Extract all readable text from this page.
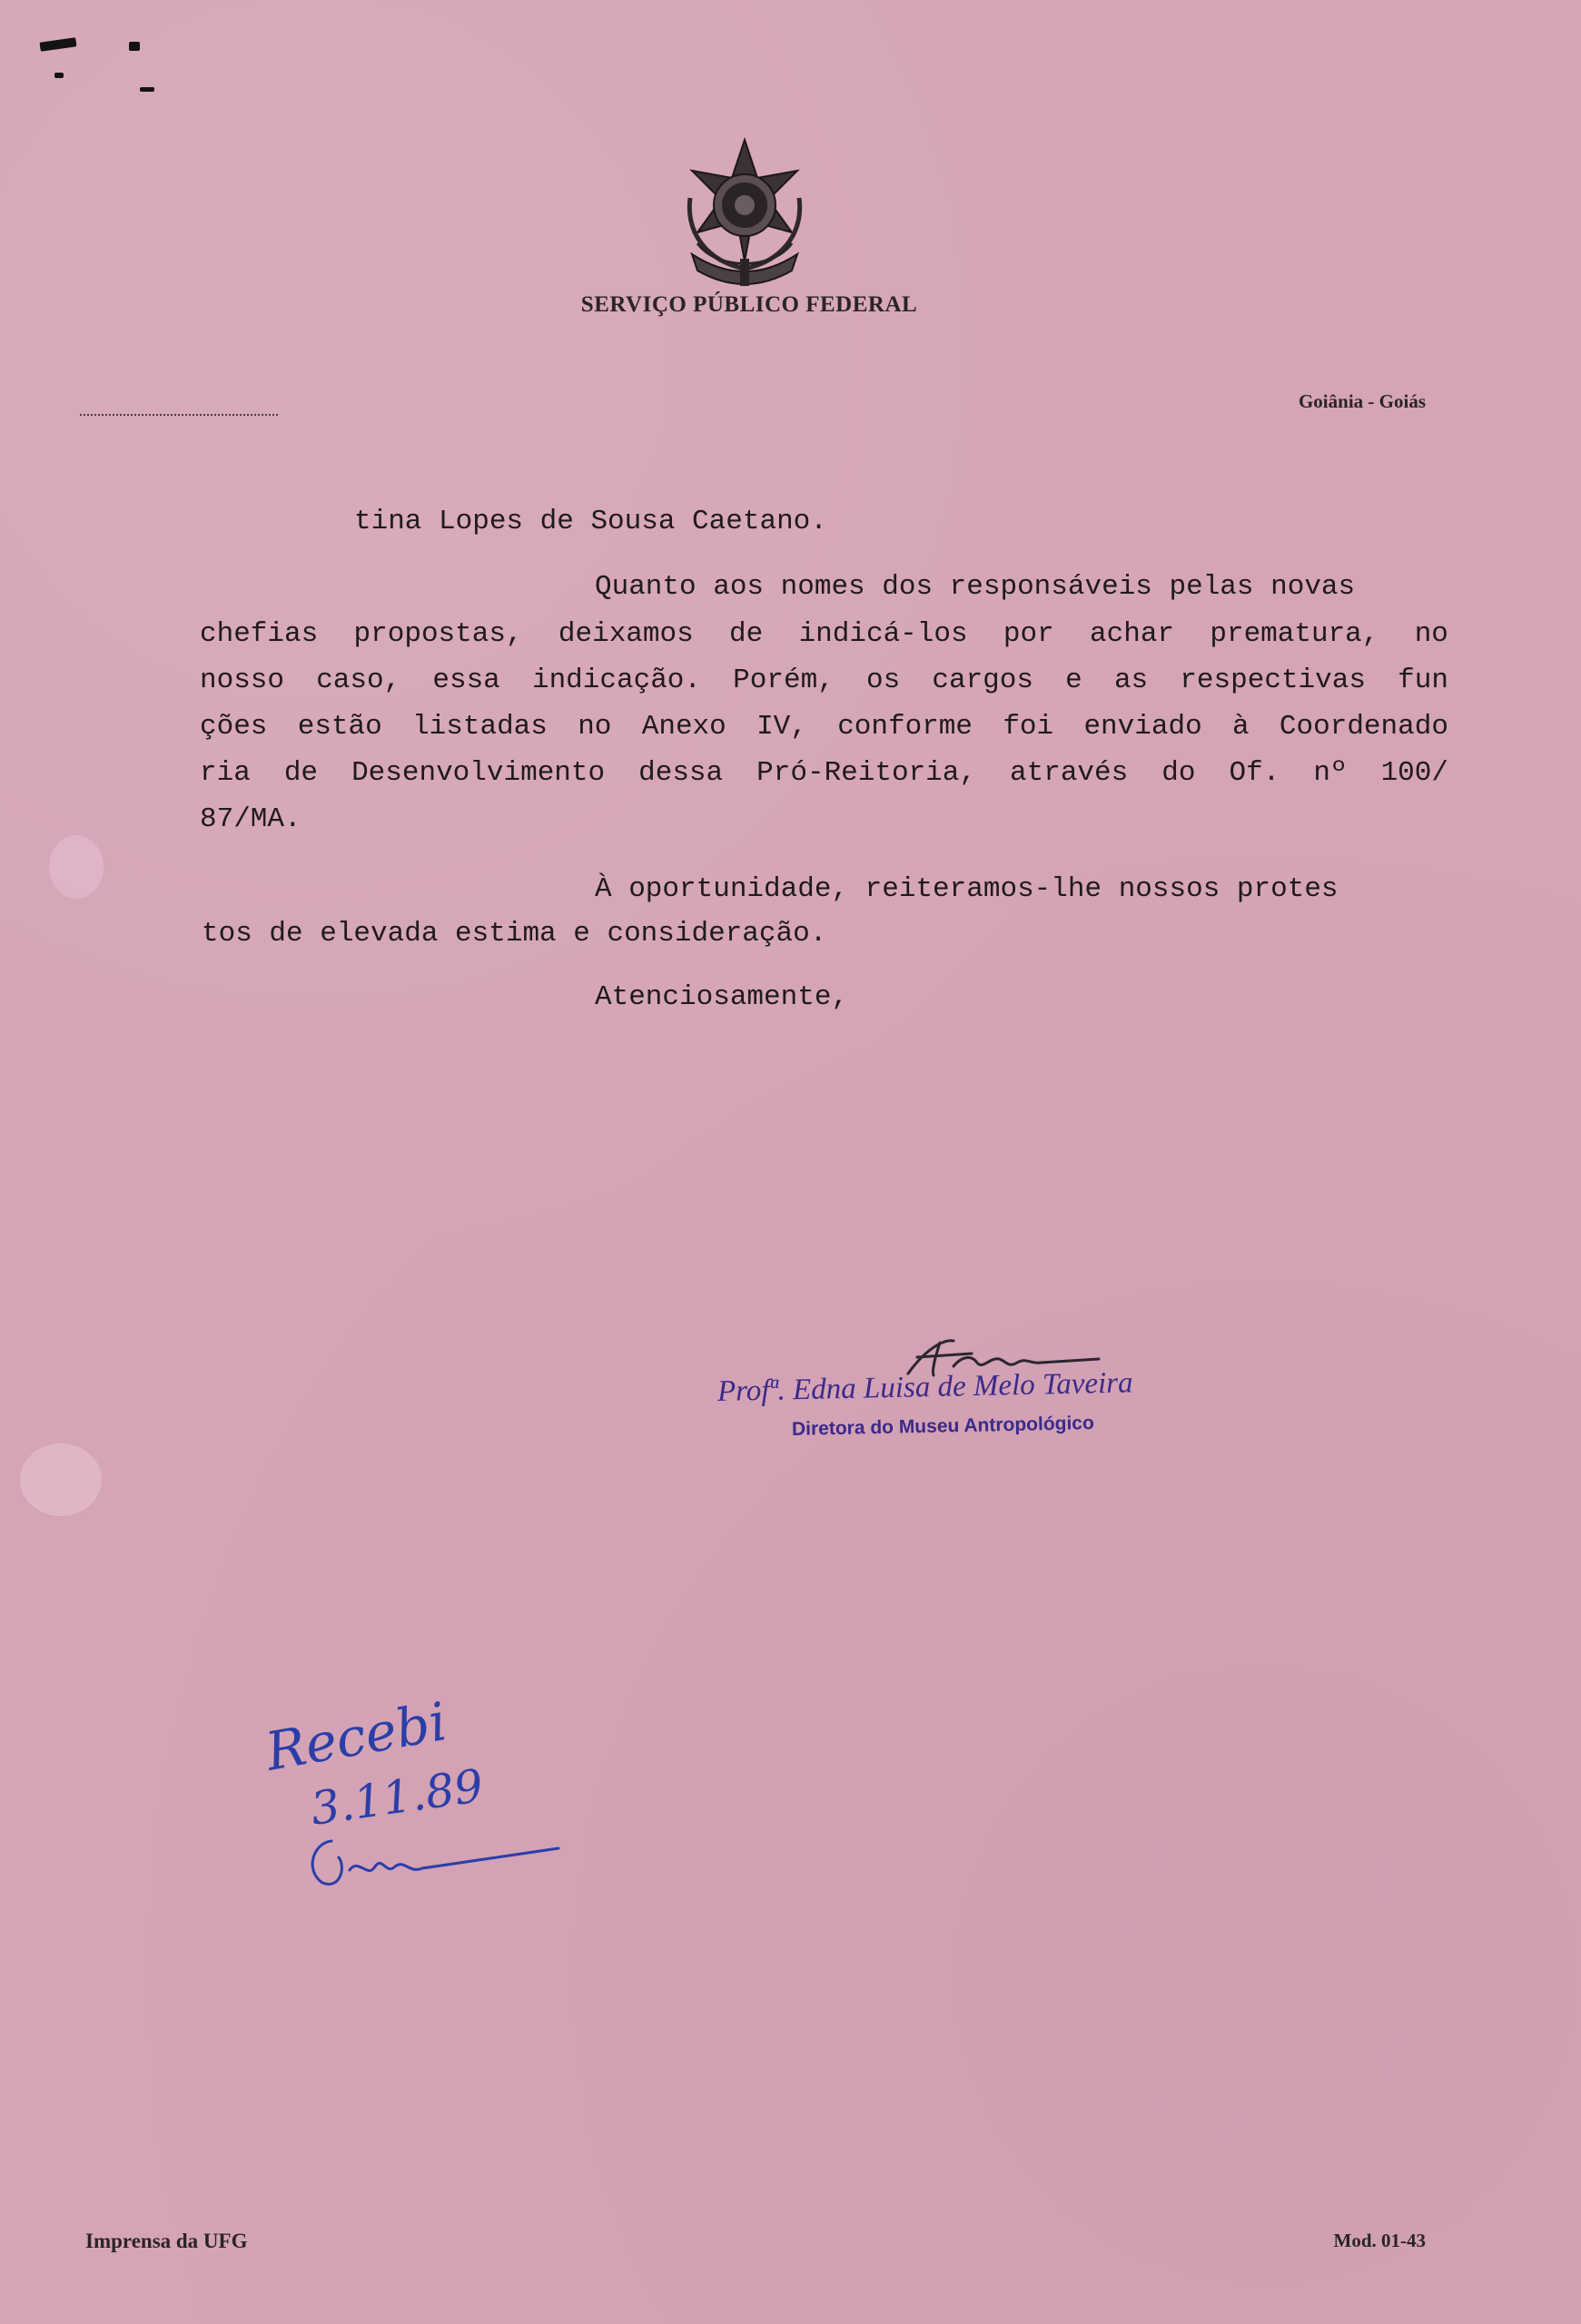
SERVIÇO PÚBLICO FEDERAL
Goiânia - Goiás
tina Lopes de Sousa Caetano.
Quanto aos nomes dos responsáveis pelas novas
chefias propostas, deixamos de indicá-los por achar prematura, no
nosso caso, essa indicação. Porém, os cargos e as respectivas fun
ções estão listadas no Anexo IV, conforme foi enviado à Coordenado
ria de Desenvolvimento dessa Pró-Reitoria, através do Of. nº 100/
87/MA.
À oportunidade, reiteramos-lhe nossos protes
tos de elevada estima e consideração.
Atenciosamente,
Profª. Edna Luisa de Melo Taveira
Diretora do Museu Antropológico
Recebi
3.11.89
Imprensa da UFG	Mod. 01-43
